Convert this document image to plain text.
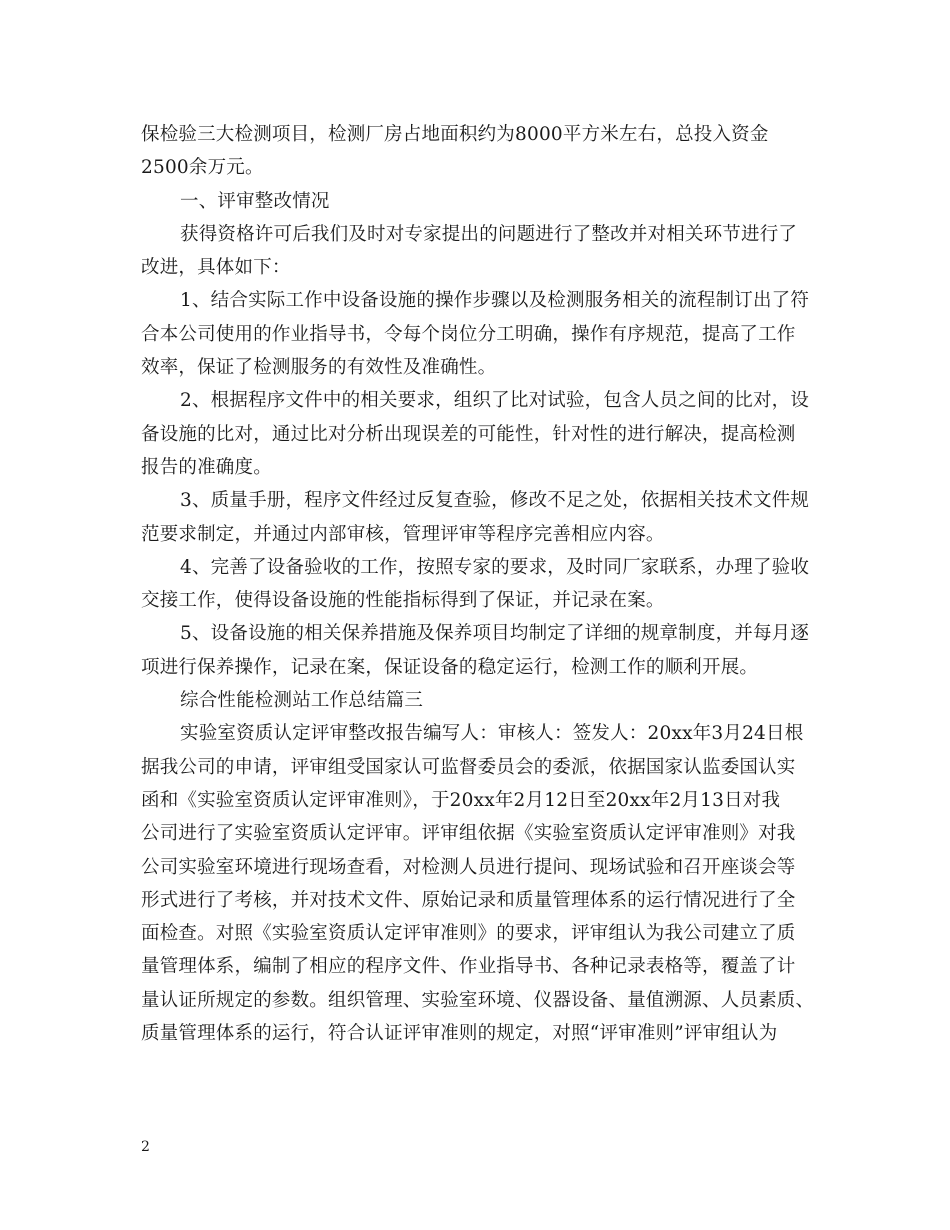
保检验三大检测项目，检测厂房占地面积约为8000平方米左右，总投入资金
2500余万元。
一、评审整改情况
获得资格许可后我们及时对专家提出的问题进行了整改并对相关环节进行了
改进，具体如下：
1、结合实际工作中设备设施的操作步骤以及检测服务相关的流程制订出了符
合本公司使用的作业指导书，令每个岗位分工明确，操作有序规范，提高了工作
效率，保证了检测服务的有效性及准确性。
2、根据程序文件中的相关要求，组织了比对试验，包含人员之间的比对，设
备设施的比对，通过比对分析出现误差的可能性，针对性的进行解决，提高检测
报告的准确度。
3、质量手册，程序文件经过反复查验，修改不足之处，依据相关技术文件规
范要求制定，并通过内部审核，管理评审等程序完善相应内容。
4、完善了设备验收的工作，按照专家的要求，及时同厂家联系，办理了验收
交接工作，使得设备设施的性能指标得到了保证，并记录在案。
5、设备设施的相关保养措施及保养项目均制定了详细的规章制度，并每月逐
项进行保养操作，记录在案，保证设备的稳定运行，检测工作的顺利开展。
综合性能检测站工作总结篇三
实验室资质认定评审整改报告编写人：审核人：签发人：20xx年3月24日根
据我公司的申请，评审组受国家认可监督委员会的委派，依据国家认监委国认实
函和《实验室资质认定评审准则》，于20xx年2月12日至20xx年2月13日对我
公司进行了实验室资质认定评审。评审组依据《实验室资质认定评审准则》对我
公司实验室环境进行现场查看，对检测人员进行提问、现场试验和召开座谈会等
形式进行了考核，并对技术文件、原始记录和质量管理体系的运行情况进行了全
面检查。对照《实验室资质认定评审准则》的要求，评审组认为我公司建立了质
量管理体系，编制了相应的程序文件、作业指导书、各种记录表格等，覆盖了计
量认证所规定的参数。组织管理、实验室环境、仪器设备、量值溯源、人员素质、
质量管理体系的运行，符合认证评审准则的规定，对照“评审准则”评审组认为
2
